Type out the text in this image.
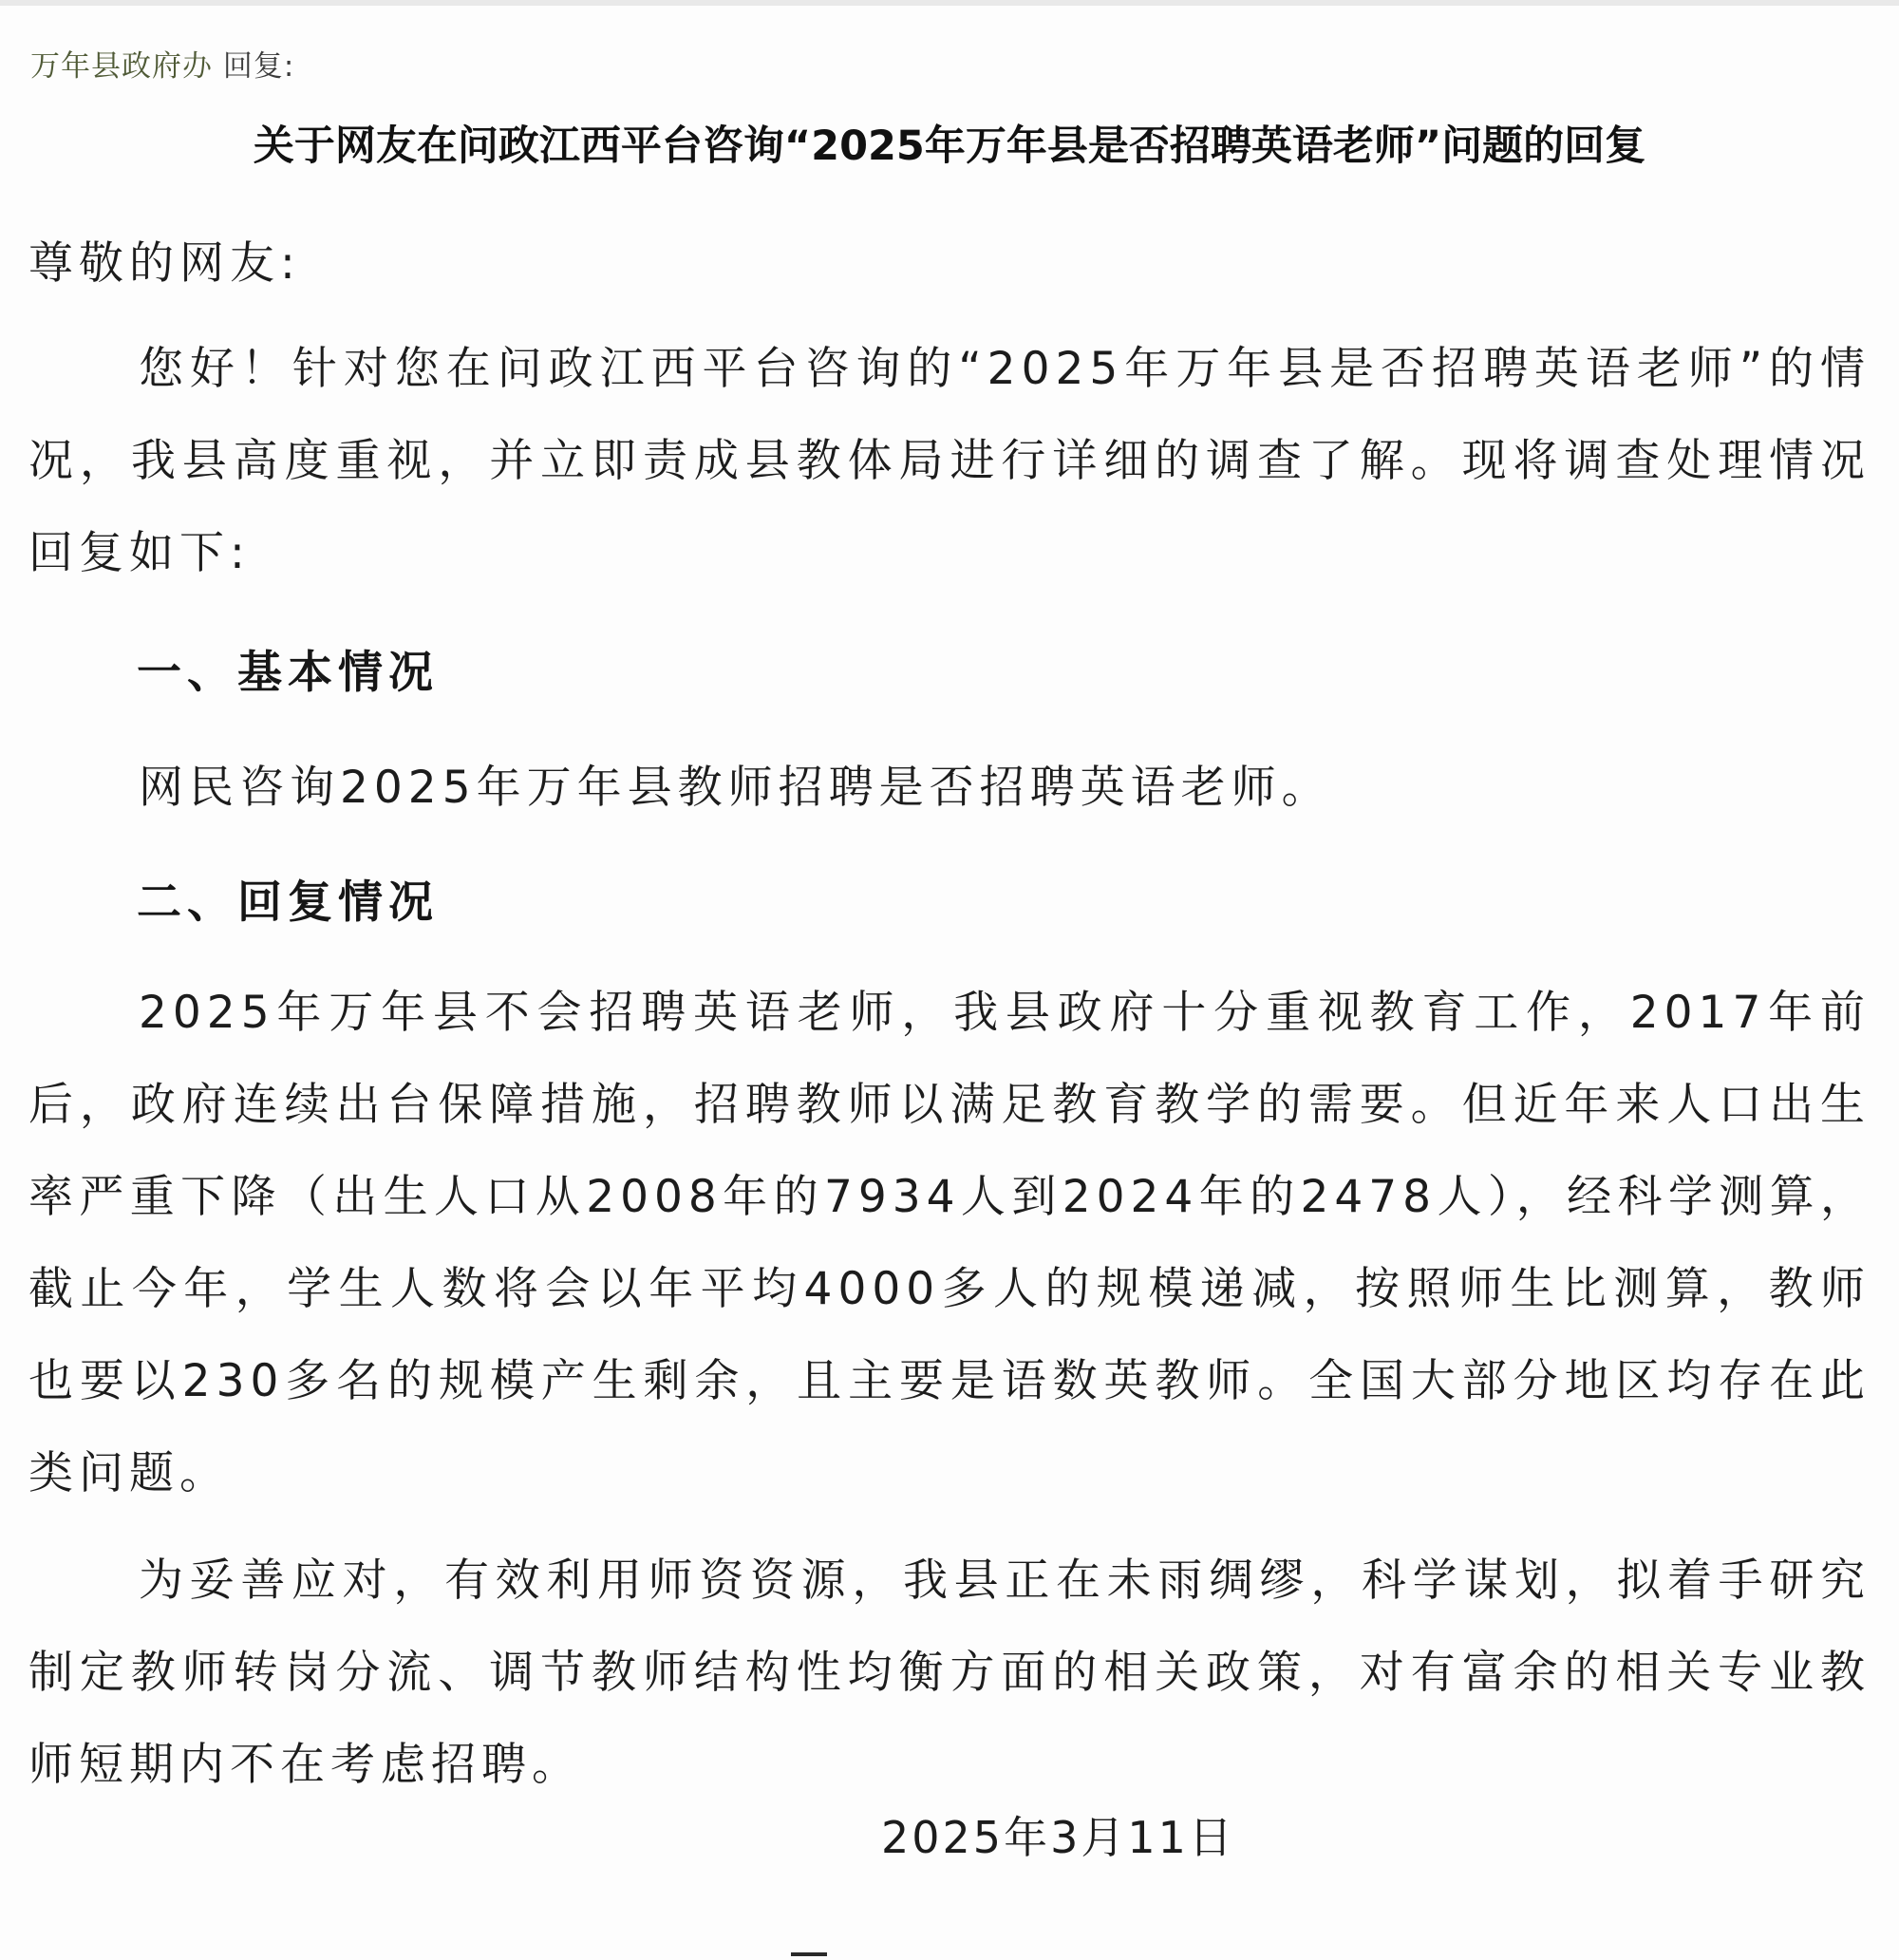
万年县政府办 回复:
关于网友在问政江西平台咨询“2025年万年县是否招聘英语老师”问题的回复
尊敬的网友:
您好！针对您在问政江西平台咨询的“2025年万年县是否招聘英语老师”的情况，我县高度重视，并立即责成县教体局进行详细的调查了解。现将调查处理情况回复如下:
一、基本情况
网民咨询2025年万年县教师招聘是否招聘英语老师。
二、回复情况
2025年万年县不会招聘英语老师，我县政府十分重视教育工作，2017年前后，政府连续出台保障措施，招聘教师以满足教育教学的需要。但近年来人口出生率严重下降（出生人口从2008年的7934人到2024年的2478人），经科学测算，截止今年，学生人数将会以年平均4000多人的规模递减，按照师生比测算，教师也要以230多名的规模产生剩余，且主要是语数英教师。全国大部分地区均存在此类问题。
为妥善应对，有效利用师资资源，我县正在未雨绸缪，科学谋划，拟着手研究制定教师转岗分流、调节教师结构性均衡方面的相关政策，对有富余的相关专业教师短期内不在考虑招聘。
2025年3月11日
